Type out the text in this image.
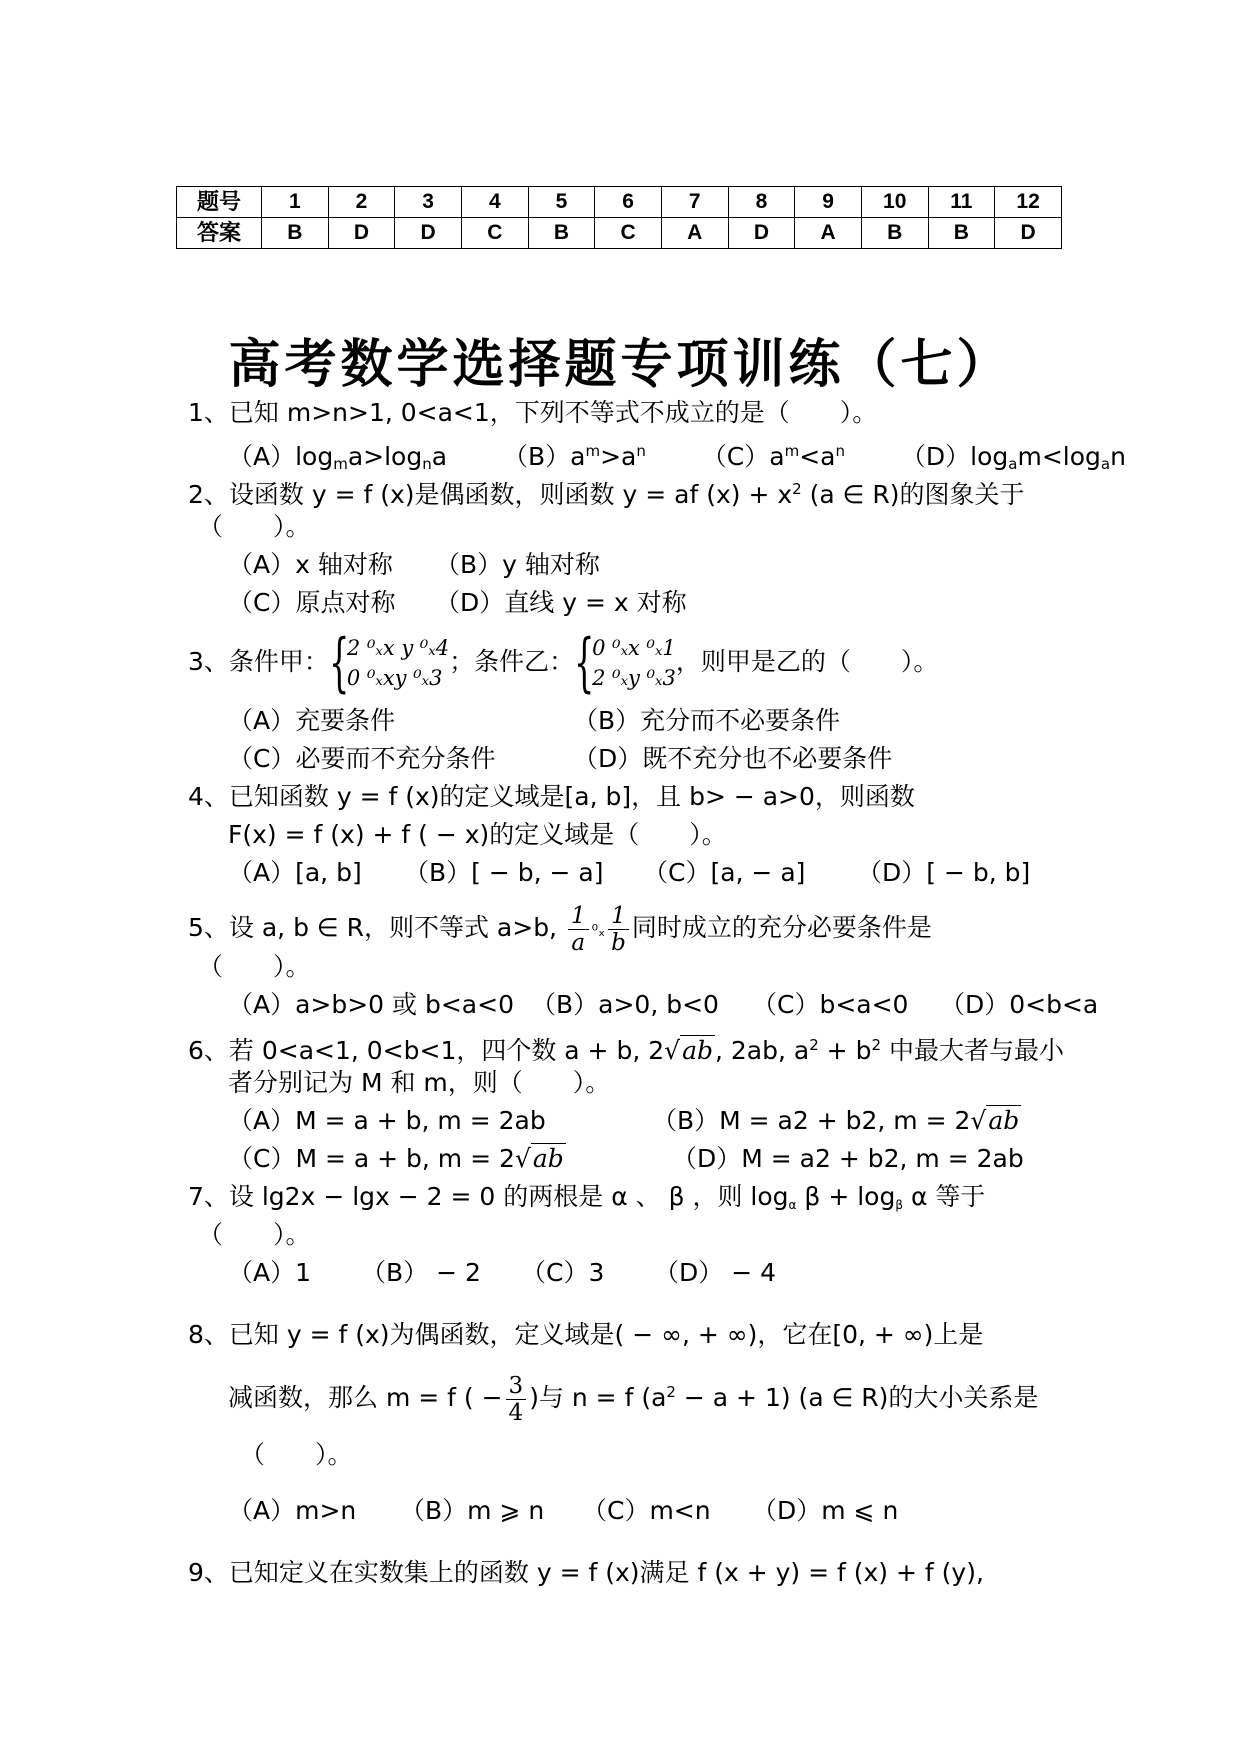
题号	1	2	3	4	5	6	7	8	9	10	11	12
答案	B	D	D	C	B	C	A	D	A	B	B	D
高考数学选择题专项训练（七）
1、已知 m>n>1, 0<a<1，下列不等式不成立的是（　　）。
$(A)\log_ma>\log_na$ $(B)a^m>a^n$ $(C)a^m<a^n$ $(D)\log_am<\log_an$
2、设函数 y = f (x)是偶函数，则函数 y = af $(x) + x^2$ (a ∈ R)的图象关于
（　　）。
（A）x 轴对称 （B）y 轴对称
（C）原点对称 （D）直线 y = x 对称
3、条件甲： {
2 ⁰ₓx y ⁰ₓ4
0 ⁰ₓxy ⁰ₓ3
；条件乙： {
0 ⁰ₓx ⁰ₓ1
2 ⁰ₓy ⁰ₓ3
，则甲是乙的（　　）。
（A）充要条件	（B）充分而不必要条件
（C）必要而不充分条件	（D）既不充分也不必要条件
4、已知函数 y = f (x)的定义域是[a, b]，且 b> − a>0，则函数
F(x) = f (x) + f ( − x)的定义域是（　　）。
（A）[a, b] （B）[ − b, − a] （C）[a, − a] （D）[ − b, b]
5、设 a, b ∈ R，则不等式 a>b, $\frac{1}{a} ^0_x \frac{1}{b}$ 同时成立的充分必要条件是
（　　）。
（A）a>b>0 或 b<a<0 （B）a>0, b<0 （C）b<a<0 （D）0<b<a
6、若 0<a<1, 0<b<1，四个数 a + b, 2√ab, 2ab, $a^2 + b^2$ 中最大者与最小
者分别记为 M 和 m，则（　　）。
（A）M = a + b, m = 2ab	（B）M = a2 + b2, m = 2√ab
（C）M = a + b, m = 2√ab	（D）M = a2 + b2, m = 2ab
7、设 lg2x − lgx − 2 = 0 的两根是 α 、 β ，则 logα β + logβ α 等于
（　　）。
（A）1 （B） − 2 （C）3 （D） − 4
8、已知 y = f (x)为偶函数，定义域是( − ∞, + ∞)，它在[0, + ∞)上是
减函数，那么 m = f ( − $\frac{3}{4}$ )与 n = f $(a^2 - a + 1)$ (a ∈ R)的大小关系是
（　　）。
（A）m>n （B）m ⩾ n （C）m<n （D）m ⩽ n
9、已知定义在实数集上的函数 y = f (x)满足 f (x + y) = f (x) + f (y),
